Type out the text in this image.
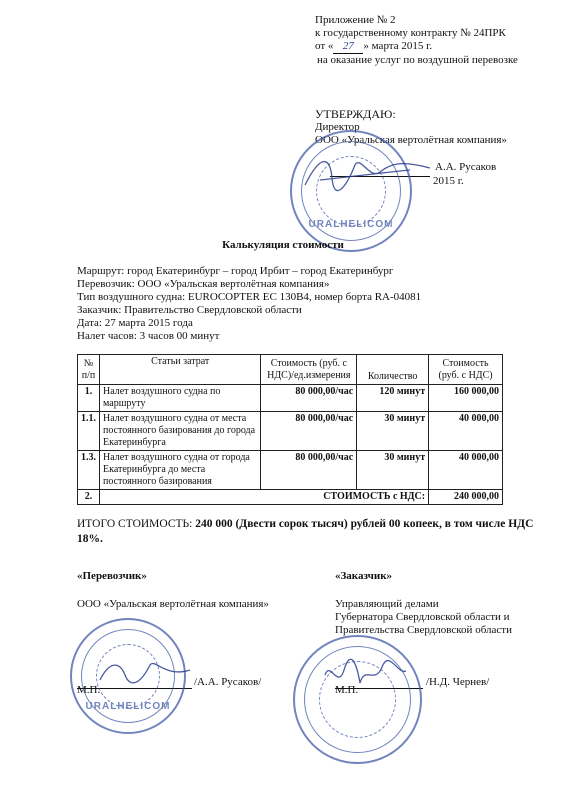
Приложение № 2
к государственному контракту № 24ПРК
от « 27 » марта 2015 г.
на оказание услуг по воздушной перевозке
УТВЕРЖДАЮ:
Директор
ООО «Уральская вертолётная компания»
А.А. Русаков
2015 г.
URALHELICOM
Калькуляция стоимости
Маршрут: город Екатеринбург – город Ирбит – город Екатеринбург
Перевозчик: ООО «Уральская вертолётная компания»
Тип воздушного судна: EUROCOPTER EC 130B4, номер борта RA-04081
Заказчик: Правительство Свердловской области
Дата: 27 марта 2015 года
Налет часов: 3 часов 00 минут
№ п/п	Статьи затрат	Стоимость (руб. с НДС)/ед.измерения	Количество	Стоимость (руб. с НДС)
1.	Налет воздушного судна по маршруту	80 000,00/час	120 минут	160 000,00
1.1.	Налет воздушного судна от места постоянного базирования до города Екатеринбурга	80 000,00/час	30 минут	40 000,00
1.3.	Налет воздушного судна от города Екатеринбурга до места постоянного базирования	80 000,00/час	30 минут	40 000,00
2.	СТОИМОСТЬ с НДС:			240 000,00
ИТОГО СТОИМОСТЬ: 240 000 (Двести сорок тысяч) рублей 00 копеек, в том числе НДС 18%.
«Перевозчик»
ООО «Уральская вертолётная компания»
/А.А. Русаков/
М.П.
URALHELICOM
«Заказчик»
Управляющий делами
Губернатора Свердловской области и
Правительства Свердловской области
/Н.Д. Чернев/
М.П.
